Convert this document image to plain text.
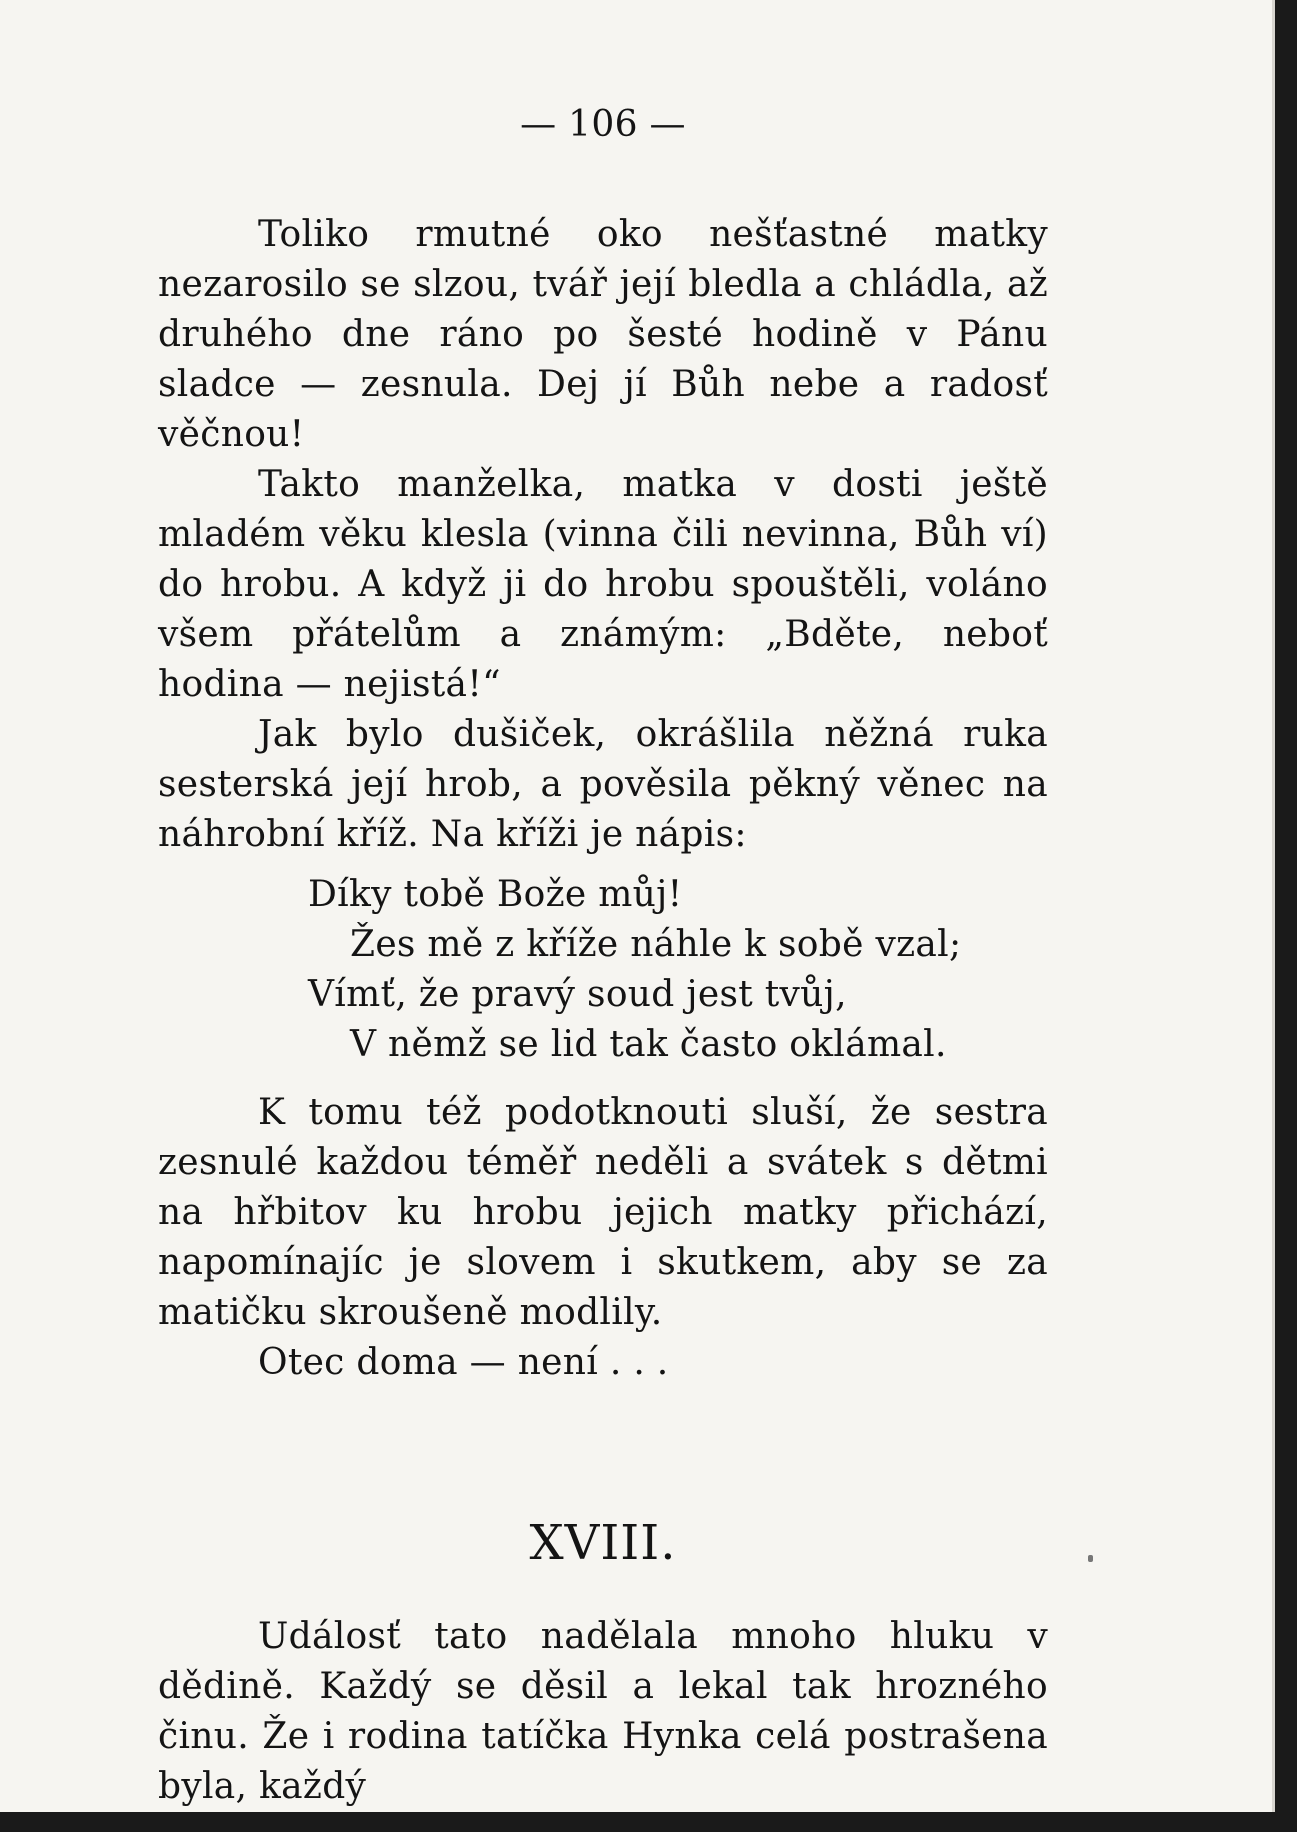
— 106 —

Toliko rmutné oko nešťastné matky nezarosilo se slzou, tvář její bledla a chládla, až druhého dne ráno po šesté hodině v Pánu sladce — zesnula. Dej jí Bůh nebe a radosť věčnou!

Takto manželka, matka v dosti ještě mladém věku klesla (vinna čili nevinna, Bůh ví) do hrobu. A když ji do hrobu spouštěli, voláno všem přátelům a známým: „Bděte, neboť hodina — nejistá!“

Jak bylo dušiček, okrášlila něžná ruka sesterská její hrob, a pověsila pěkný věnec na náhrobní kříž. Na kříži je nápis:

Díky tobě Bože můj!
Žes mě z kříže náhle k sobě vzal;
Vímť, že pravý soud jest tvůj,
V němž se lid tak často oklámal.

K tomu též podotknouti sluší, že sestra zesnulé každou téměř neděli a svátek s dětmi na hřbitov ku hrobu jejich matky přichází, napomínajíc je slovem i skutkem, aby se za matičku skroušeně modlily.

Otec doma — není . . .

XVIII.

Událosť tato nadělala mnoho hluku v dědině. Každý se děsil a lekal tak hrozného činu. Že i rodina tatíčka Hynka celá postrašena byla, každý
